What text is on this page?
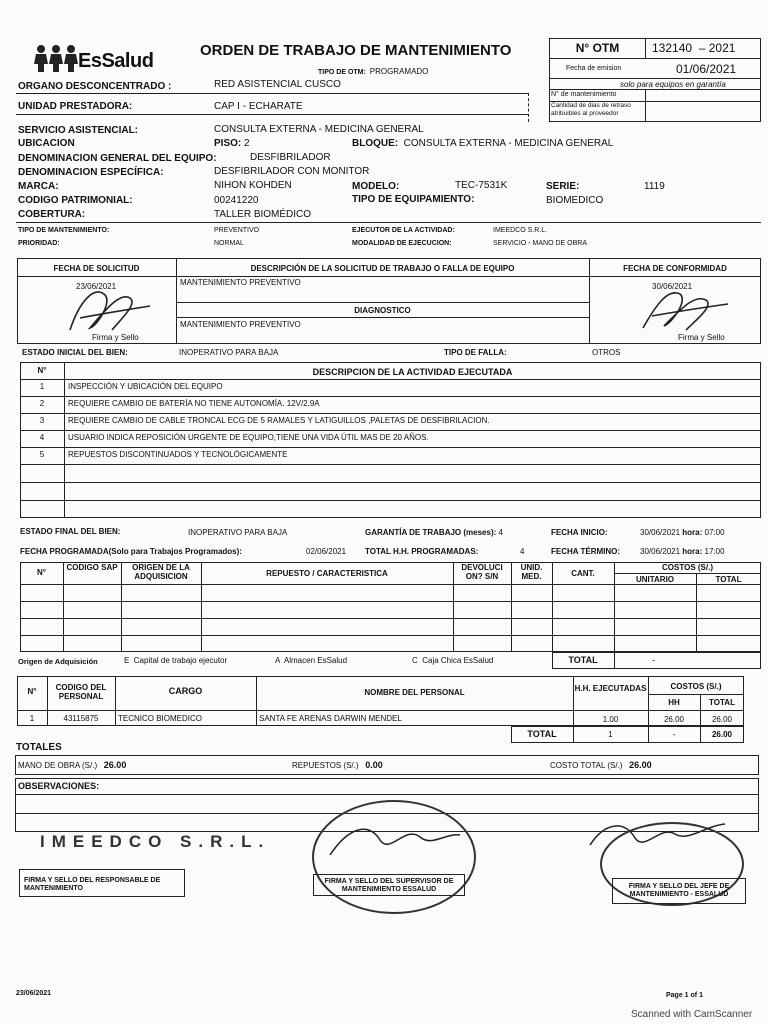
EsSalud	ORDEN DE TRABAJO DE MANTENIMIENTO
TIPO DE OTM: PROGRAMADO
N° OTM	132140  – 2021
Fecha de emision	01/06/2021
solo para equipos en garantía
N° de mantenimiento
Cantidad de dias de retraso atribuibles al proveedor
ORGANO DESCONCENTRADO :	RED ASISTENCIAL CUSCO
UNIDAD PRESTADORA:	CAP I - ECHARATE
SERVICIO ASISTENCIAL:	CONSULTA EXTERNA - MEDICINA GENERAL
UBICACION	PISO: 2	BLOQUE: CONSULTA EXTERNA - MEDICINA GENERAL
DENOMINACION GENERAL DEL EQUIPO:	DESFIBRILADOR
DENOMINACION ESPECÍFICA:	DESFIBRILADOR CON MONITOR
MARCA:	NIHON KOHDEN	MODELO:	TEC-7531K	SERIE:	1119
CODIGO PATRIMONIAL:	00241220	TIPO DE EQUIPAMIENTO:	BIOMEDICO
COBERTURA:	TALLER BIOMÉDICO
TIPO DE MANTENIMIENTO:	PREVENTIVO	EJECUTOR DE LA ACTIVIDAD:	IMEEDCO S.R.L.
PRIORIDAD:	NORMAL	MODALIDAD DE EJECUCION:	SERVICIO - MANO DE OBRA
FECHA DE SOLICITUD	DESCRIPCIÓN DE LA SOLICITUD DE TRABAJO O FALLA DE EQUIPO	FECHA DE CONFORMIDAD
23/06/2021	MANTENIMIENTO PREVENTIVO	30/06/2021
DIAGNOSTICO
MANTENIMIENTO PREVENTIVO
Firma y Sello	Firma y Sello
ESTADO INICIAL DEL BIEN:	INOPERATIVO PARA BAJA	TIPO DE FALLA:	OTROS
N°	DESCRIPCION DE LA ACTIVIDAD EJECUTADA
1	INSPECCIÓN Y UBICACIÓN DEL EQUIPO
2	REQUIERE CAMBIO DE BATERÍA NO TIENE AUTONOMÍA. 12V/2.9A
3	REQUIERE CAMBIO DE CABLE TRONCAL ECG DE 5 RAMALES Y LATIGUILLOS ,PALETAS DE DESFIBRILACION.
4	USUARIO INDICA REPOSICIÓN URGENTE DE EQUIPO,TIENE UNA VIDA ÚTIL MAS DE 20 AÑOS.
5	REPUESTOS DISCONTINUADOS Y TECNOLÓGICAMENTE
ESTADO FINAL DEL BIEN:	INOPERATIVO PARA BAJA	GARANTÍA DE TRABAJO (meses): 4	FECHA INICIO:	30/06/2021 hora: 07:00
FECHA PROGRAMADA(Solo para Trabajos Programados):	02/06/2021 TOTAL H.H. PROGRAMADAS:	4	FECHA TÉRMINO: 30/06/2021 hora: 17:00
N°
CODIGO SAP	ORIGEN DE LA ADQUISICION	REPUESTO / CARACTERISTICA
DEVOLUCI ON? S/N
UNID. MED.	CANT.
COSTOS (S/.)
UNITARIO	TOTAL
Origen de Adquisición	E  Capital de trabajo ejecutor	A  Almacen EsSalud	C  Caja Chica EsSalud	TOTAL	-
N°	CODIGO DEL PERSONAL
CARGO	NOMBRE DEL PERSONAL	H.H. EJECUTADAS	COSTOS (S/.)
HH	TOTAL
1	43115875	TECNICO BIOMEDICO	SANTA FE ARENAS DARWIN MENDEL	1.00	26.00	26.00
TOTAL	1	-	26.00
TOTALES
MANO DE OBRA (S/.) 26.00	REPUESTOS (S/.) 0.00	COSTO TOTAL (S/.) 26.00
OBSERVACIONES:
IMEEDCO S.R.L.
FIRMA Y SELLO DEL RESPONSABLE DE MANTENIMIENTO
FIRMA Y SELLO DEL SUPERVISOR DE MANTENIMIENTO ESSALUD	FIRMA Y SELLO DEL JEFE DE MANTENIMIENTO - ESSALUD
23/06/2021	Page 1 of 1
Scanned with CamScanner
